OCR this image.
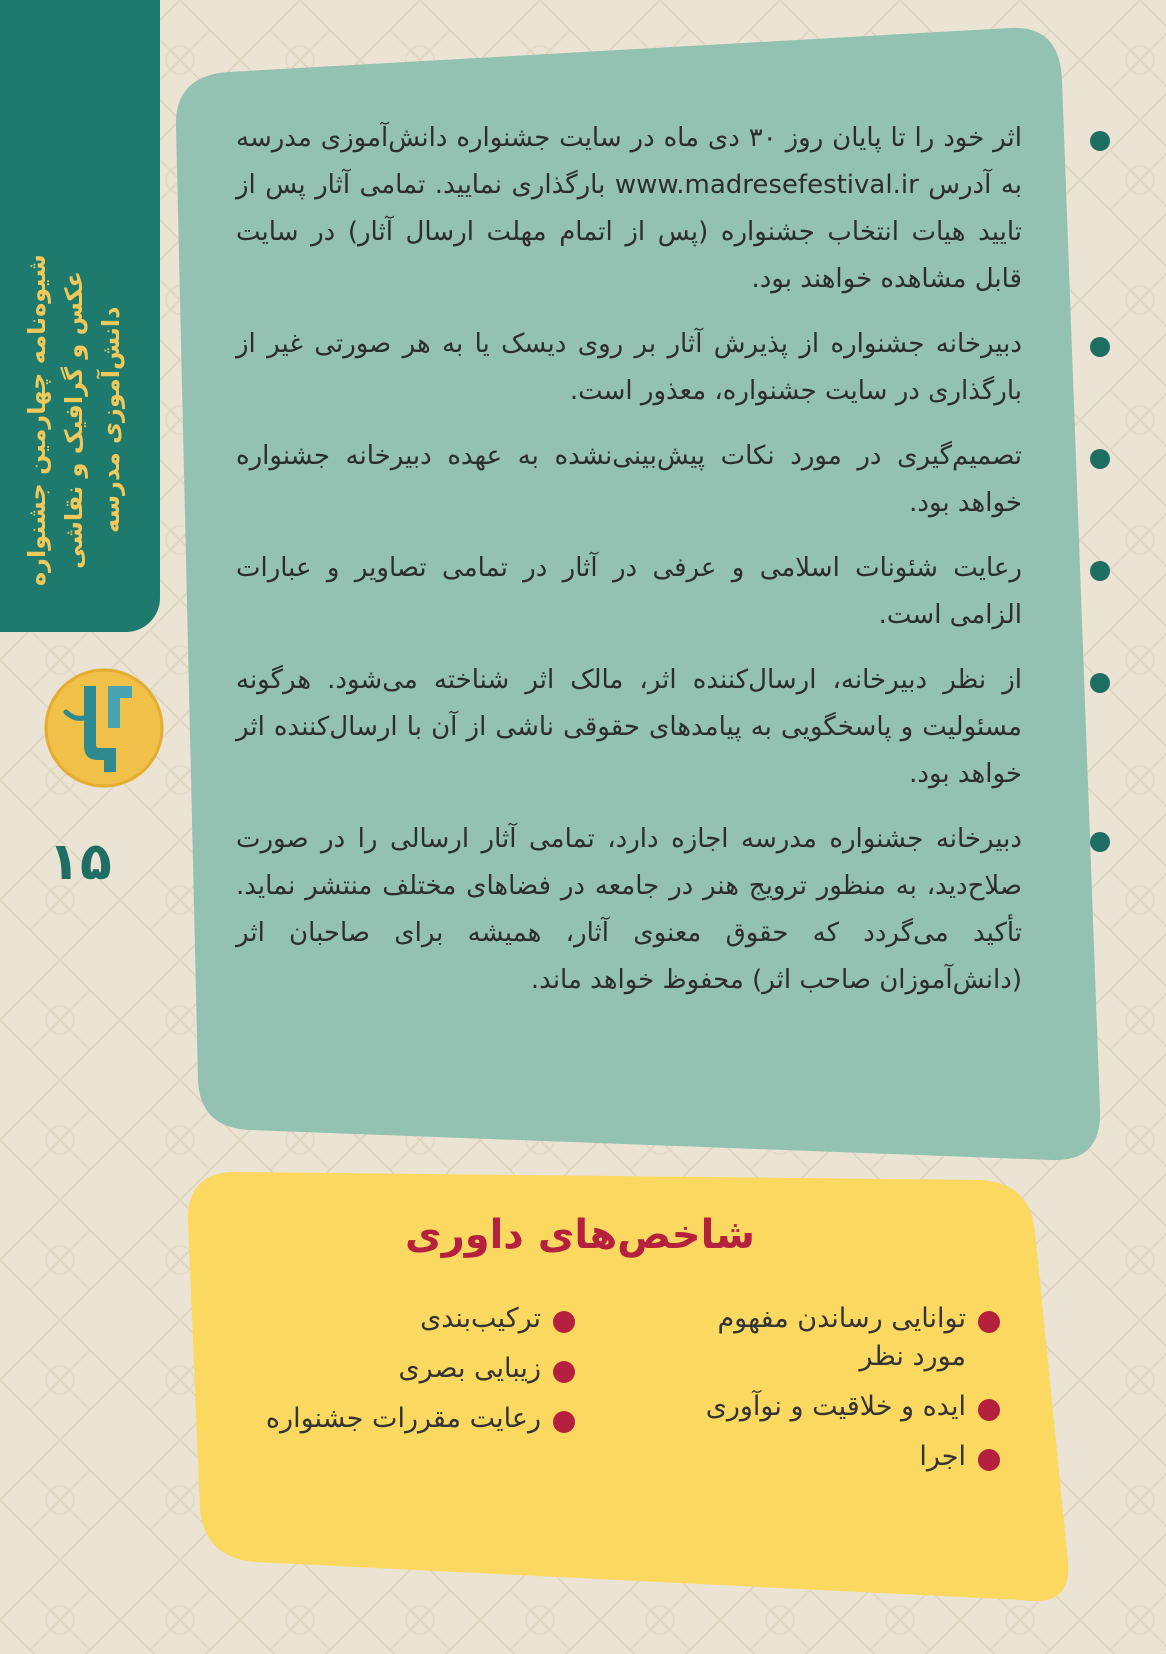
شیوه‌نامه چهارمین جشنواره
عکس و گرافیک و نقاشی
دانش‌آموزی مدرسه
۱۵
اثر خود را تا پایان روز ۳۰ دی ماه در سایت جشنواره دانش‌آموزی مدرسه به آدرس www.madresefestival.ir بارگذاری نمایید. تمامی آثار پس از تایید هیات انتخاب جشنواره (پس از اتمام مهلت ارسال آثار) در سایت قابل مشاهده خواهند بود.
دبیرخانه جشنواره از پذیرش آثار بر روی دیسک یا به هر صورتی غیر از بارگذاری در سایت جشنواره، معذور است.
تصمیم‌گیری در مورد نکات پیش‌بینی‌نشده به عهده دبیرخانه جشنواره خواهد بود.
رعایت شئونات اسلامی و عرفی در آثار در تمامی تصاویر و عبارات الزامی است.
از نظر دبیرخانه، ارسال‌کننده اثر، مالک اثر شناخته می‌شود. هرگونه مسئولیت و پاسخگویی به پیامدهای حقوقی ناشی از آن با ارسال‌کننده اثر خواهد بود.
دبیرخانه جشنواره مدرسه اجازه دارد، تمامی آثار ارسالی را در صورت صلاح‌دید، به منظور ترویج هنر در جامعه در فضاهای مختلف منتشر نماید. تأکید می‌گردد که حقوق معنوی آثار، همیشه برای صاحبان اثر (دانش‌آموزان صاحب اثر) محفوظ خواهد ماند.
شاخص‌های داوری
توانایی رساندن مفهوم مورد نظر
ایده و خلاقیت و نوآوری
اجرا
ترکیب‌بندی
زیبایی بصری
رعایت مقررات جشنواره
